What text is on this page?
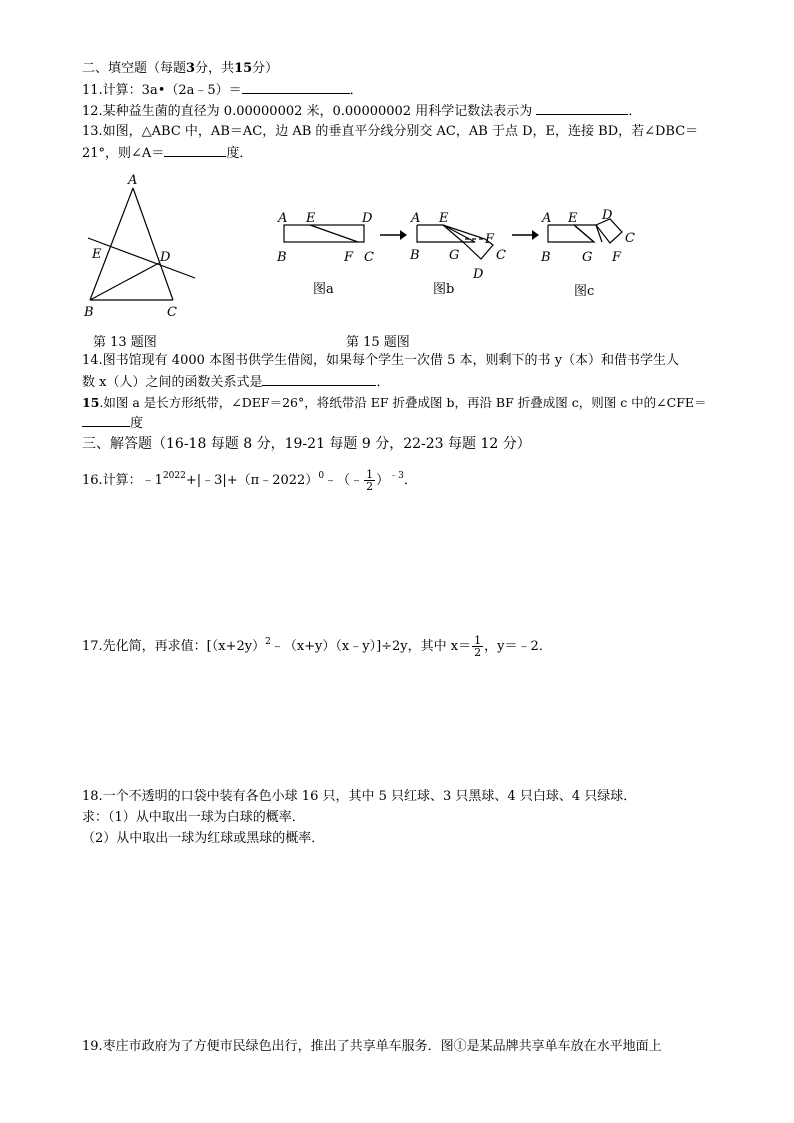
二、填空题（每题3分，共15分）
11.计算：3a•（2a﹣5）＝	．
12.某种益生菌的直径为 0.00000002 米，0.00000002 用科学记数法表示为	．
13.如图，△ABC 中，AB＝AC，边 AB 的垂直平分线分别交 AC，AB 于点 D，E，连接 BD，若∠DBC＝
21°，则∠A＝	度．
A
E	D
B	C
A E	D
B	F C
图a
A E
F
B G	C
D
图b
A E D
C
B G F
图c
第 13 题图	第 15 题图
14.图书馆现有 4000 本图书供学生借阅，如果每个学生一次借 5 本，则剩下的书 y（本）和借书学生人
数 x（人）之间的函数关系式是	．
15.如图 a 是长方形纸带，∠DEF＝26°，将纸带沿 EF 折叠成图 b，再沿 BF 折叠成图 c，则图 c 中的∠CFE＝
度
三、解答题（16-18 每题 8 分，19-21 每题 9 分，22-23 每题 12 分）
16.计算：$﹣1^{2022}+|﹣3|+(\pi﹣2022)^0﹣(﹣ \frac{1}{2} )^{﹣3}$．
17.先化简，再求值：$[(x+2y)^2﹣(x+y)(x﹣y)]\div 2y$，其中 $x= \frac{1}{2}$ ，y＝﹣2．
18.一个不透明的口袋中装有各色小球 16 只，其中 5 只红球、3 只黑球、4 只白球、4 只绿球．
求：（1）从中取出一球为白球的概率．
（2）从中取出一球为红球或黑球的概率．
19.枣庄市政府为了方便市民绿色出行，推出了共享单车服务．图①是某品牌共享单车放在水平地面上
